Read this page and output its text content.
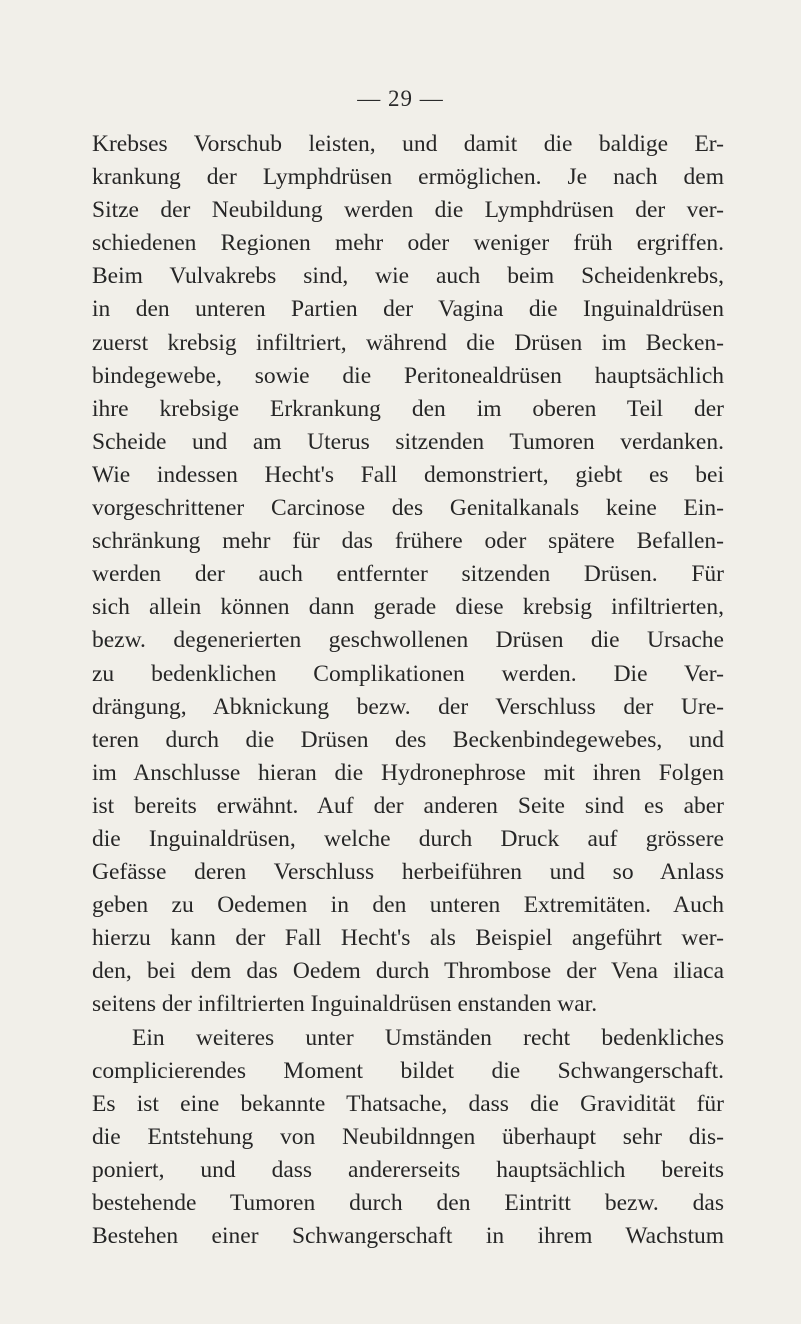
— 29 —
Krebses Vorschub leisten, und damit die baldige Er-
krankung der Lymphdrüsen ermöglichen. Je nach dem
Sitze der Neubildung werden die Lymphdrüsen der ver-
schiedenen Regionen mehr oder weniger früh ergriffen.
Beim Vulvakrebs sind, wie auch beim Scheidenkrebs,
in den unteren Partien der Vagina die Inguinaldrüsen
zuerst krebsig infiltriert, während die Drüsen im Becken-
bindegewebe, sowie die Peritonealdrüsen hauptsächlich
ihre krebsige Erkrankung den im oberen Teil der
Scheide und am Uterus sitzenden Tumoren verdanken.
Wie indessen Hecht's Fall demonstriert, giebt es bei
vorgeschrittener Carcinose des Genitalkanals keine Ein-
schränkung mehr für das frühere oder spätere Befallen-
werden der auch entfernter sitzenden Drüsen. Für
sich allein können dann gerade diese krebsig infiltrierten,
bezw. degenerierten geschwollenen Drüsen die Ursache
zu bedenklichen Complikationen werden. Die Ver-
drängung, Abknickung bezw. der Verschluss der Ure-
teren durch die Drüsen des Beckenbindegewebes, und
im Anschlusse hieran die Hydronephrose mit ihren Folgen
ist bereits erwähnt. Auf der anderen Seite sind es aber
die Inguinaldrüsen, welche durch Druck auf grössere
Gefässe deren Verschluss herbeiführen und so Anlass
geben zu Oedemen in den unteren Extremitäten. Auch
hierzu kann der Fall Hecht's als Beispiel angeführt wer-
den, bei dem das Oedem durch Thrombose der Vena iliaca
seitens der infiltrierten Inguinaldrüsen enstanden war.
Ein weiteres unter Umständen recht bedenkliches
complicierendes Moment bildet die Schwangerschaft.
Es ist eine bekannte Thatsache, dass die Gravidität für
die Entstehung von Neubildnngen überhaupt sehr dis-
poniert, und dass andererseits hauptsächlich bereits
bestehende Tumoren durch den Eintritt bezw. das
Bestehen einer Schwangerschaft in ihrem Wachstum
